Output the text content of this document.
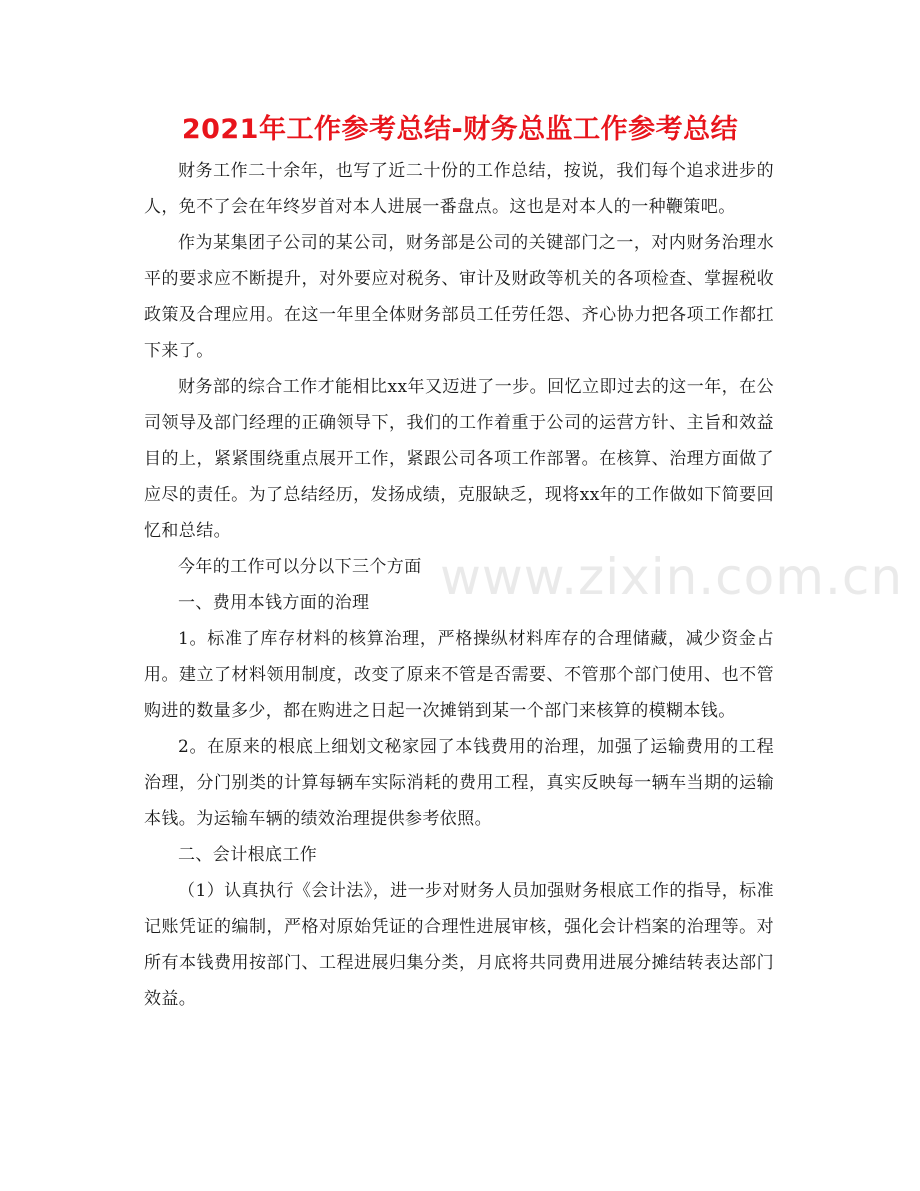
2021年工作参考总结-财务总监工作参考总结

财务工作二十余年，也写了近二十份的工作总结，按说，我们每个追求进步的人，免不了会在年终岁首对本人进展一番盘点。这也是对本人的一种鞭策吧。

作为某集团子公司的某公司，财务部是公司的关键部门之一，对内财务治理水平的要求应不断提升，对外要应对税务、审计及财政等机关的各项检查、掌握税收政策及合理应用。在这一年里全体财务部员工任劳任怨、齐心协力把各项工作都扛下来了。

财务部的综合工作才能相比xx年又迈进了一步。回忆立即过去的这一年，在公司领导及部门经理的正确领导下，我们的工作着重于公司的运营方针、主旨和效益目的上，紧紧围绕重点展开工作，紧跟公司各项工作部署。在核算、治理方面做了应尽的责任。为了总结经历，发扬成绩，克服缺乏，现将xx年的工作做如下简要回忆和总结。

今年的工作可以分以下三个方面

一、费用本钱方面的治理

1。标准了库存材料的核算治理，严格操纵材料库存的合理储藏，减少资金占用。建立了材料领用制度，改变了原来不管是否需要、不管那个部门使用、也不管购进的数量多少，都在购进之日起一次摊销到某一个部门来核算的模糊本钱。

2。在原来的根底上细划文秘家园了本钱费用的治理，加强了运输费用的工程治理，分门别类的计算每辆车实际消耗的费用工程，真实反映每一辆车当期的运输本钱。为运输车辆的绩效治理提供参考依照。

二、会计根底工作

（1）认真执行《会计法》，进一步对财务人员加强财务根底工作的指导，标准记账凭证的编制，严格对原始凭证的合理性进展审核，强化会计档案的治理等。对所有本钱费用按部门、工程进展归集分类，月底将共同费用进展分摊结转表达部门效益。

www.zixin.com.cn
